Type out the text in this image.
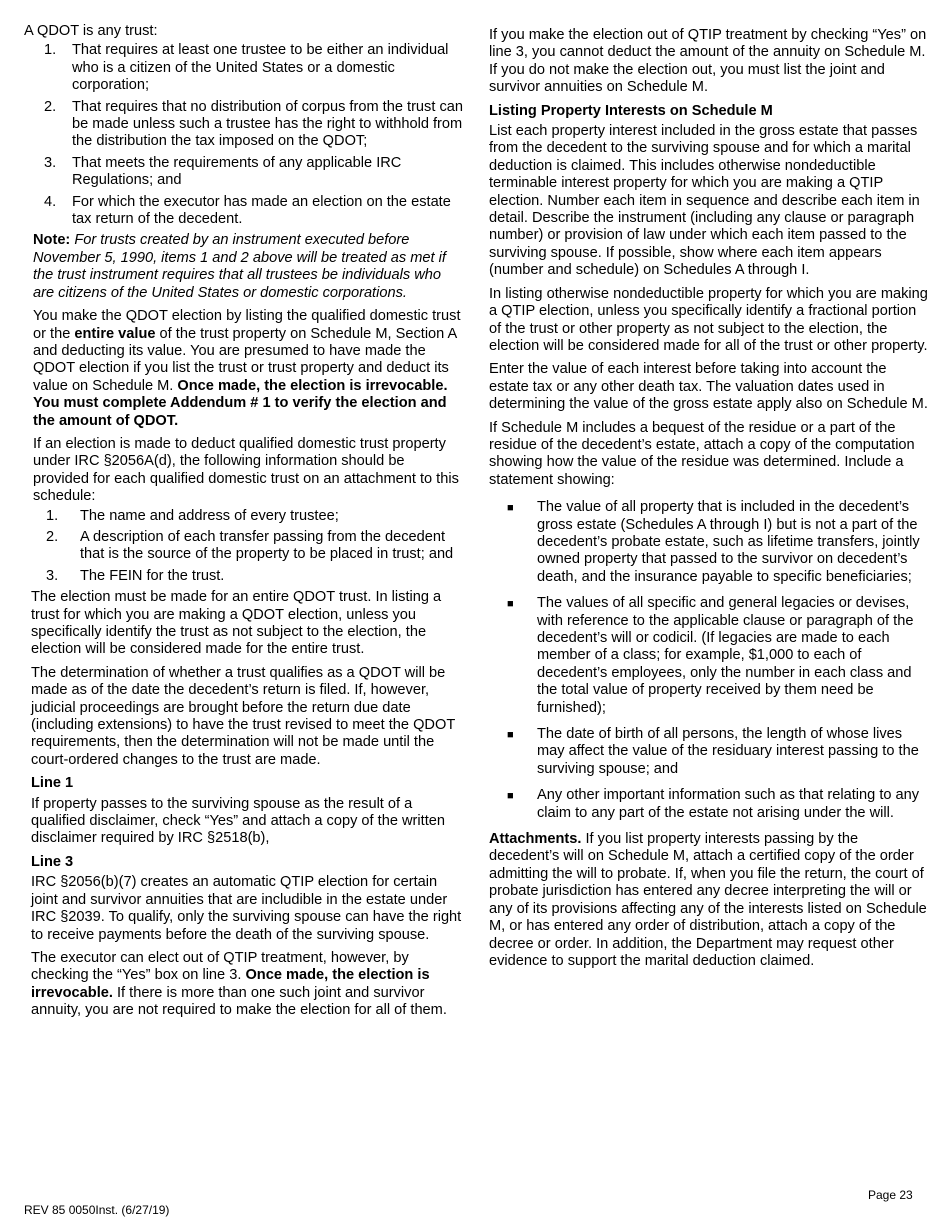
A QDOT is any trust:

1. That requires at least one trustee to be either an individual who is a citizen of the United States or a domestic corporation;
2. That requires that no distribution of corpus from the trust can be made unless such a trustee has the right to withhold from the distribution the tax imposed on the QDOT;
3. That meets the requirements of any applicable IRC Regulations; and
4. For which the executor has made an election on the estate tax return of the decedent.

Note: For trusts created by an instrument executed before November 5, 1990, items 1 and 2 above will be treated as met if the trust instrument requires that all trustees be individuals who are citizens of the United States or domestic corporations.

You make the QDOT election by listing the qualified domestic trust or the entire value of the trust property on Schedule M, Section A and deducting its value. You are presumed to have made the QDOT election if you list the trust or trust property and deduct its value on Schedule M. Once made, the election is irrevocable. You must complete Addendum # 1 to verify the election and the amount of QDOT.

If an election is made to deduct qualified domestic trust property under IRC §2056A(d), the following information should be provided for each qualified domestic trust on an attachment to this schedule:

1. The name and address of every trustee;
2. A description of each transfer passing from the decedent that is the source of the property to be placed in trust; and
3. The FEIN for the trust.

The election must be made for an entire QDOT trust. In listing a trust for which you are making a QDOT election, unless you specifically identify the trust as not subject to the election, the election will be considered made for the entire trust.

The determination of whether a trust qualifies as a QDOT will be made as of the date the decedent’s return is filed. If, however, judicial proceedings are brought before the return due date (including extensions) to have the trust revised to meet the QDOT requirements, then the determination will not be made until the court-ordered changes to the trust are made.

Line 1

If property passes to the surviving spouse as the result of a qualified disclaimer, check “Yes” and attach a copy of the written disclaimer required by IRC §2518(b),

Line 3

IRC §2056(b)(7) creates an automatic QTIP election for certain joint and survivor annuities that are includible in the estate under IRC §2039. To qualify, only the surviving spouse can have the right to receive payments before the death of the surviving spouse.

The executor can elect out of QTIP treatment, however, by checking the “Yes” box on line 3. Once made, the election is irrevocable. If there is more than one such joint and survivor annuity, you are not required to make the election for all of them.

If you make the election out of QTIP treatment by checking “Yes” on line 3, you cannot deduct the amount of the annuity on Schedule M. If you do not make the election out, you must list the joint and survivor annuities on Schedule M.

Listing Property Interests on Schedule M

List each property interest included in the gross estate that passes from the decedent to the surviving spouse and for which a marital deduction is claimed. This includes otherwise nondeductible terminable interest property for which you are making a QTIP election. Number each item in sequence and describe each item in detail. Describe the instrument (including any clause or paragraph number) or provision of law under which each item passed to the surviving spouse. If possible, show where each item appears (number and schedule) on Schedules A through I.

In listing otherwise nondeductible property for which you are making a QTIP election, unless you specifically identify a fractional portion of the trust or other property as not subject to the election, the election will be considered made for all of the trust or other property.

Enter the value of each interest before taking into account the estate tax or any other death tax. The valuation dates used in determining the value of the gross estate apply also on Schedule M.

If Schedule M includes a bequest of the residue or a part of the residue of the decedent’s estate, attach a copy of the computation showing how the value of the residue was determined. Include a statement showing:

■ The value of all property that is included in the decedent’s gross estate (Schedules A through I) but is not a part of the decedent’s probate estate, such as lifetime transfers, jointly owned property that passed to the survivor on decedent’s death, and the insurance payable to specific beneficiaries;
■ The values of all specific and general legacies or devises, with reference to the applicable clause or paragraph of the decedent’s will or codicil. (If legacies are made to each member of a class; for example, $1,000 to each of decedent’s employees, only the number in each class and the total value of property received by them need be furnished);
■ The date of birth of all persons, the length of whose lives may affect the value of the residuary interest passing to the surviving spouse; and
■ Any other important information such as that relating to any claim to any part of the estate not arising under the will.

Attachments. If you list property interests passing by the decedent’s will on Schedule M, attach a certified copy of the order admitting the will to probate. If, when you file the return, the court of probate jurisdiction has entered any decree interpreting the will or any of its provisions affecting any of the interests listed on Schedule M, or has entered any order of distribution, attach a copy of the decree or order. In addition, the Department may request other evidence to support the marital deduction claimed.

REV 85 0050Inst. (6/27/19)
Page 23
